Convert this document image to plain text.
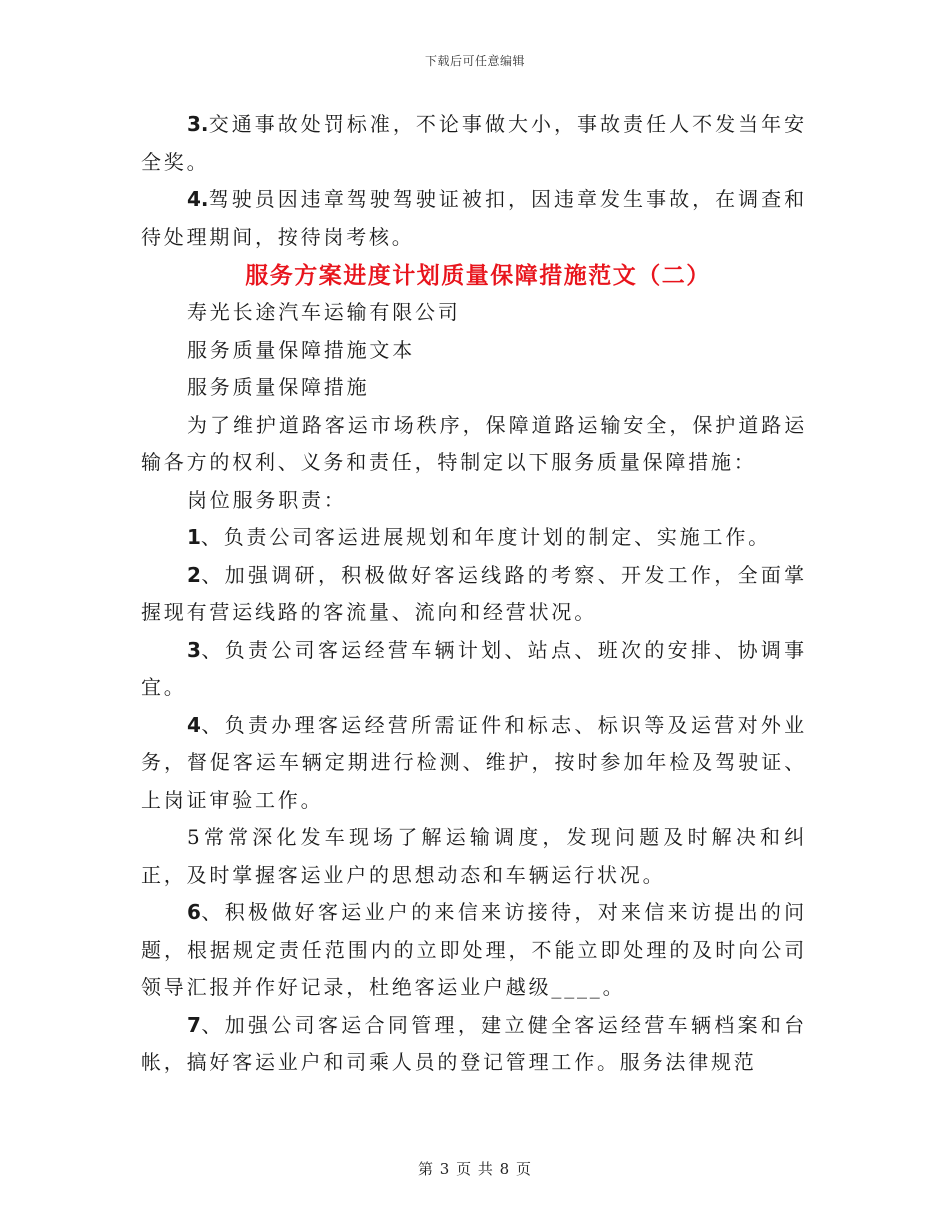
下载后可任意编辑

3.交通事故处罚标准，不论事做大小，事故责任人不发当年安全奖。

4.驾驶员因违章驾驶驾驶证被扣，因违章发生事故，在调查和待处理期间，按待岗考核。

服务方案进度计划质量保障措施范文（二）

寿光长途汽车运输有限公司

服务质量保障措施文本

服务质量保障措施

为了维护道路客运市场秩序，保障道路运输安全，保护道路运输各方的权利、义务和责任，特制定以下服务质量保障措施：

岗位服务职责：

1、负责公司客运进展规划和年度计划的制定、实施工作。

2、加强调研，积极做好客运线路的考察、开发工作，全面掌握现有营运线路的客流量、流向和经营状况。

3、负责公司客运经营车辆计划、站点、班次的安排、协调事宜。

4、负责办理客运经营所需证件和标志、标识等及运营对外业务，督促客运车辆定期进行检测、维护，按时参加年检及驾驶证、上岗证审验工作。

5常常深化发车现场了解运输调度，发现问题及时解决和纠正，及时掌握客运业户的思想动态和车辆运行状况。

6、积极做好客运业户的来信来访接待，对来信来访提出的问题，根据规定责任范围内的立即处理，不能立即处理的及时向公司领导汇报并作好记录，杜绝客运业户越级____。

7、加强公司客运合同管理，建立健全客运经营车辆档案和台帐，搞好客运业户和司乘人员的登记管理工作。服务法律规范

第 3 页 共 8 页
